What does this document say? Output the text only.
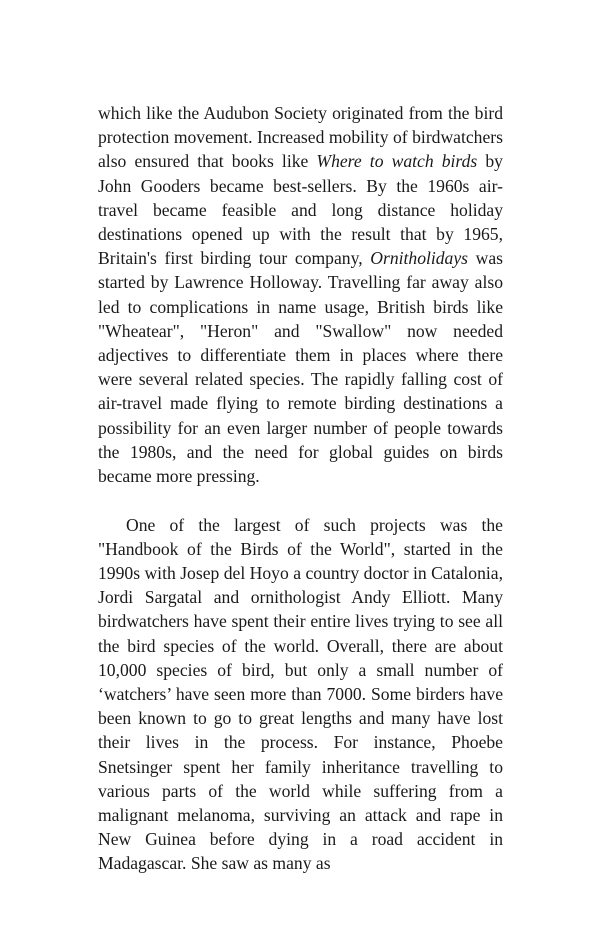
which like the Audubon Society originated from the bird protection movement. Increased mobility of birdwatchers also ensured that books like Where to watch birds by John Gooders became best-sellers. By the 1960s air-travel became feasible and long distance holiday destinations opened up with the result that by 1965, Britain's first birding tour company, Ornitholidays was started by Lawrence Holloway. Travelling far away also led to complications in name usage, British birds like "Wheatear", "Heron" and "Swallow" now needed adjectives to differentiate them in places where there were several related species. The rapidly falling cost of air-travel made flying to remote birding destinations a possibility for an even larger number of people towards the 1980s, and the need for global guides on birds became more pressing.

One of the largest of such projects was the "Handbook of the Birds of the World", started in the 1990s with Josep del Hoyo a country doctor in Catalonia, Jordi Sargatal and ornithologist Andy Elliott. Many birdwatchers have spent their entire lives trying to see all the bird species of the world. Overall, there are about 10,000 species of bird, but only a small number of ‘watchers’ have seen more than 7000. Some birders have been known to go to great lengths and many have lost their lives in the process. For instance, Phoebe Snetsinger spent her family inheritance travelling to various parts of the world while suffering from a malignant melanoma, surviving an attack and rape in New Guinea before dying in a road accident in Madagascar. She saw as many as
